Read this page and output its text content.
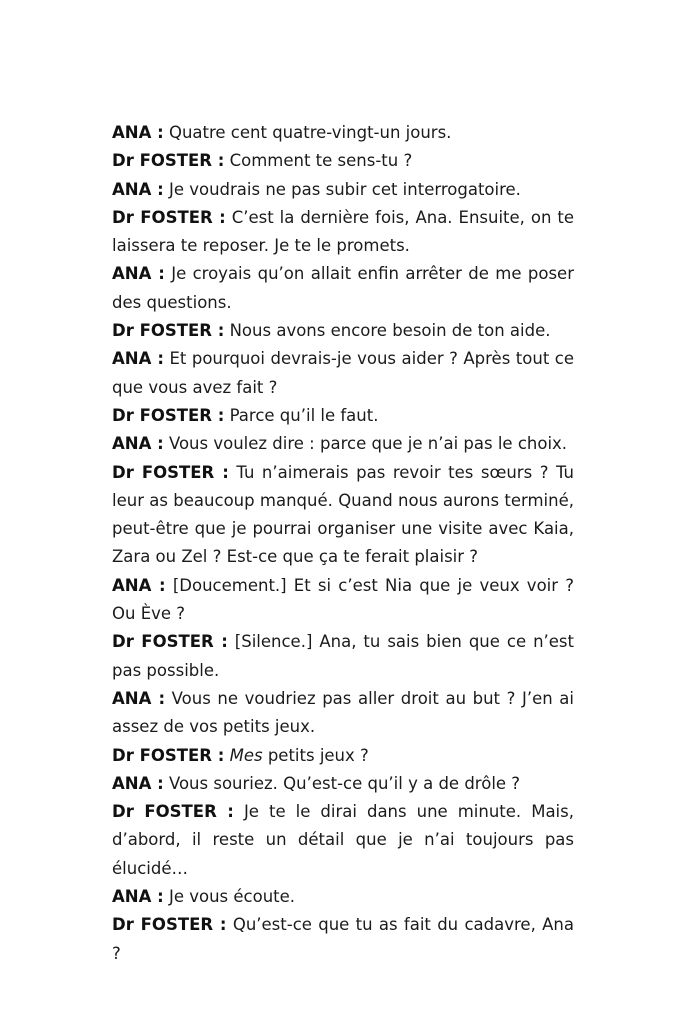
ANA : Quatre cent quatre-vingt-un jours.

Dr FOSTER : Comment te sens-tu ?

ANA : Je voudrais ne pas subir cet interrogatoire.

Dr FOSTER : C’est la dernière fois, Ana. Ensuite, on te laissera te reposer. Je te le promets.

ANA : Je croyais qu’on allait enfin arrêter de me poser des questions.

Dr FOSTER : Nous avons encore besoin de ton aide.

ANA : Et pourquoi devrais-je vous aider ? Après tout ce que vous avez fait ?

Dr FOSTER : Parce qu’il le faut.

ANA : Vous voulez dire : parce que je n’ai pas le choix.

Dr FOSTER : Tu n’aimerais pas revoir tes sœurs ? Tu leur as beaucoup manqué. Quand nous aurons terminé, peut-être que je pourrai organiser une visite avec Kaia, Zara ou Zel ? Est-ce que ça te ferait plaisir ?

ANA : [Doucement.] Et si c’est Nia que je veux voir ? Ou Ève ?

Dr FOSTER : [Silence.] Ana, tu sais bien que ce n’est pas possible.

ANA : Vous ne voudriez pas aller droit au but ? J’en ai assez de vos petits jeux.

Dr FOSTER : Mes petits jeux ?

ANA : Vous souriez. Qu’est-ce qu’il y a de drôle ?

Dr FOSTER : Je te le dirai dans une minute. Mais, d’abord, il reste un détail que je n’ai toujours pas élucidé…

ANA : Je vous écoute.

Dr FOSTER : Qu’est-ce que tu as fait du cadavre, Ana ?
